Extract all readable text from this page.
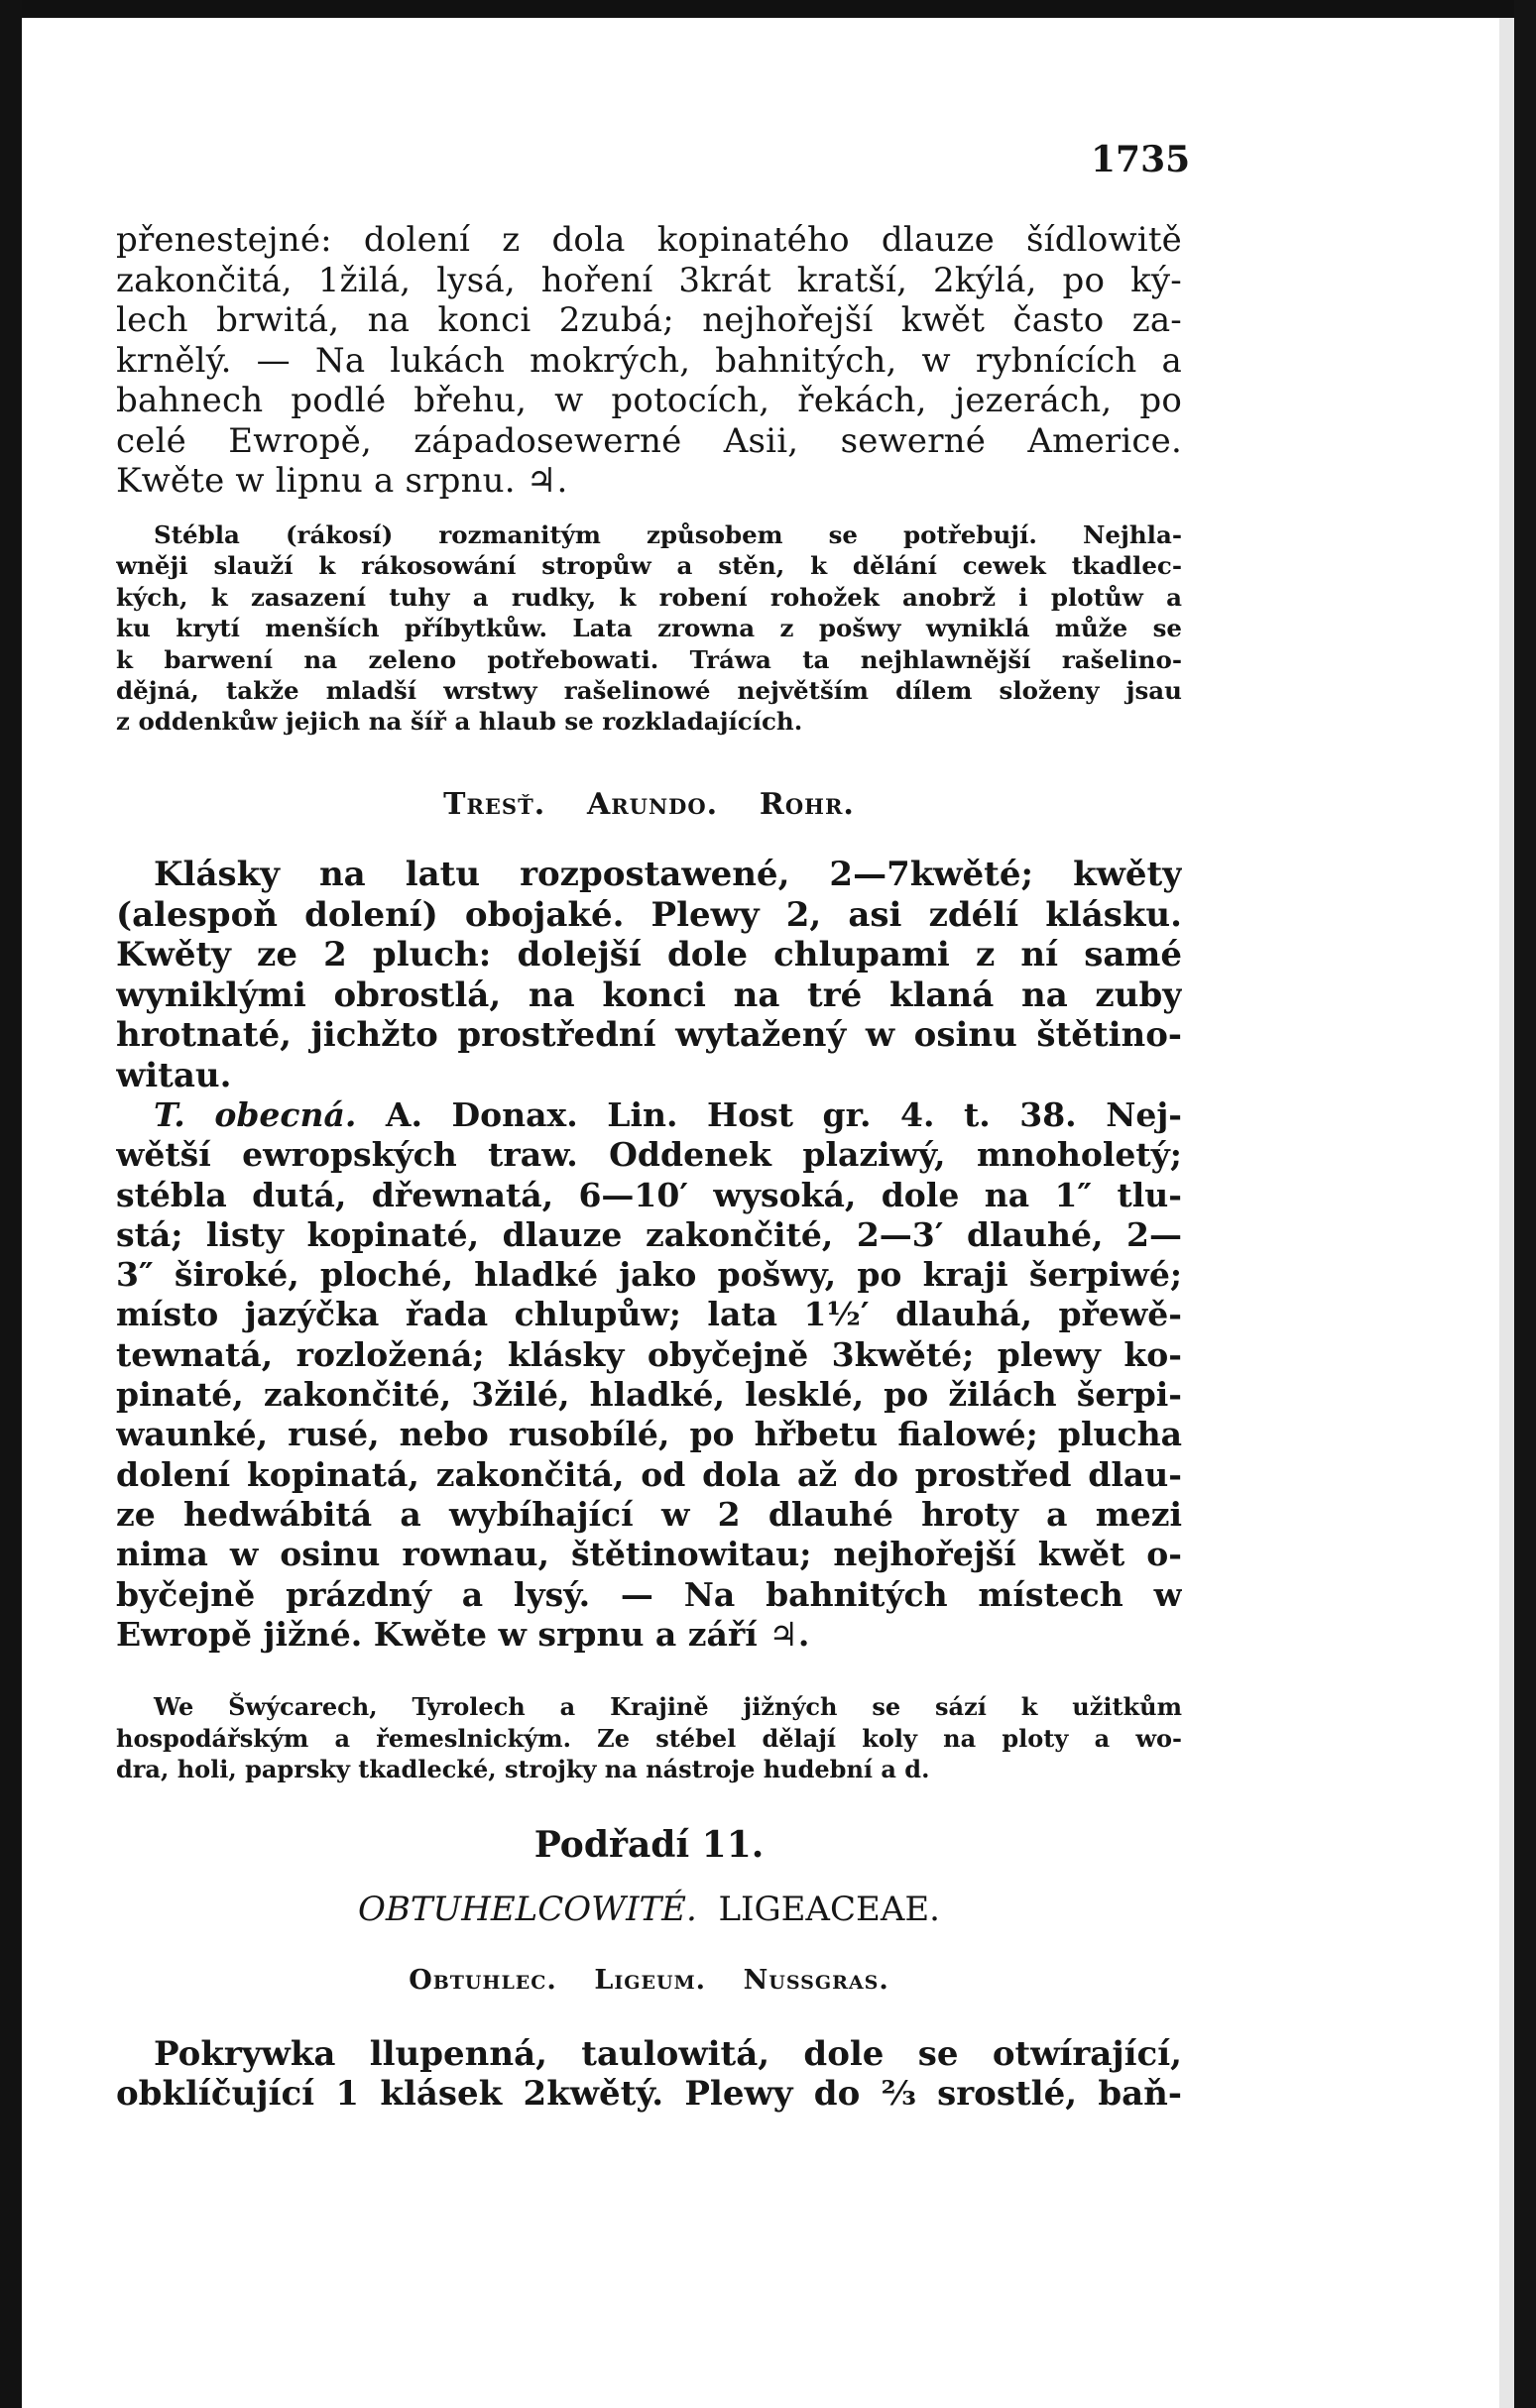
1735
přenestejné: dolení z dola kopinatého dlauze šídlowitě
zakončitá, 1žilá, lysá, hoření 3krát kratší, 2kýlá, po ký-
lech brwitá, na konci 2zubá; nejhořejší kwět často za-
krnělý. — Na lukách mokrých, bahnitých, w rybnících a
bahnech podlé břehu, w potocích, řekách, jezerách, po
celé Ewropě, západosewerné Asii, sewerné Americe.
Kwěte w lipnu a srpnu. ♃.
Stébla (rákosí) rozmanitým způsobem se potřebují. Nejhla-
wněji slauží k rákosowání stropůw a stěn, k dělání cewek tkadlec-
kých, k zasazení tuhy a rudky, k robení rohožek anobrž i plotůw a
ku krytí menších příbytkůw. Lata zrowna z pošwy wyniklá může se
k barwení na zeleno potřebowati. Tráwa ta nejhlawnější rašelino-
dějná, takže mladší wrstwy rašelinowé největším dílem složeny jsau
z oddenkůw jejich na šíř a hlaub se rozkladajících.
Tresť. Arundo. Rohr.
Klásky na latu rozpostawené, 2—7kwěté; kwěty
(alespoň dolení) obojaké. Plewy 2, asi zdélí klásku.
Kwěty ze 2 pluch: dolejší dole chlupami z ní samé
wyniklými obrostlá, na konci na tré klaná na zuby
hrotnaté, jichžto prostřední wytažený w osinu štětino-
witau.
T. obecná. A. Donax. Lin. Host gr. 4. t. 38. Nej-
wětší ewropských traw. Oddenek plaziwý, mnoholetý;
stébla dutá, dřewnatá, 6—10′ wysoká, dole na 1″ tlu-
stá; listy kopinaté, dlauze zakončité, 2—3′ dlauhé, 2—
3″ široké, ploché, hladké jako pošwy, po kraji šerpiwé;
místo jazýčka řada chlupůw; lata 1½′ dlauhá, přewě-
tewnatá, rozložená; klásky obyčejně 3kwěté; plewy ko-
pinaté, zakončité, 3žilé, hladké, lesklé, po žilách šerpi-
waunké, rusé, nebo rusobílé, po hřbetu fialowé; plucha
dolení kopinatá, zakončitá, od dola až do prostřed dlau-
ze hedwábitá a wybíhající w 2 dlauhé hroty a mezi
nima w osinu rownau, štětinowitau; nejhořejší kwět o-
byčejně prázdný a lysý. — Na bahnitých místech w
Ewropě jižné. Kwěte w srpnu a září ♃.
We Šwýcarech, Tyrolech a Krajině jižných se sází k užitkům
hospodářským a řemeslnickým. Ze stébel dělají koly na ploty a wo-
dra, holi, paprsky tkadlecké, strojky na nástroje hudební a d.
Podřadí 11.
OBTUHELCOWITÉ. LIGEACEAE.
Obtuhlec. Ligeum. Nussgras.
Pokrywka llupenná, taulowitá, dole se otwírající,
obklíčující 1 klásek 2kwětý. Plewy do ⅔ srostlé, baň-
